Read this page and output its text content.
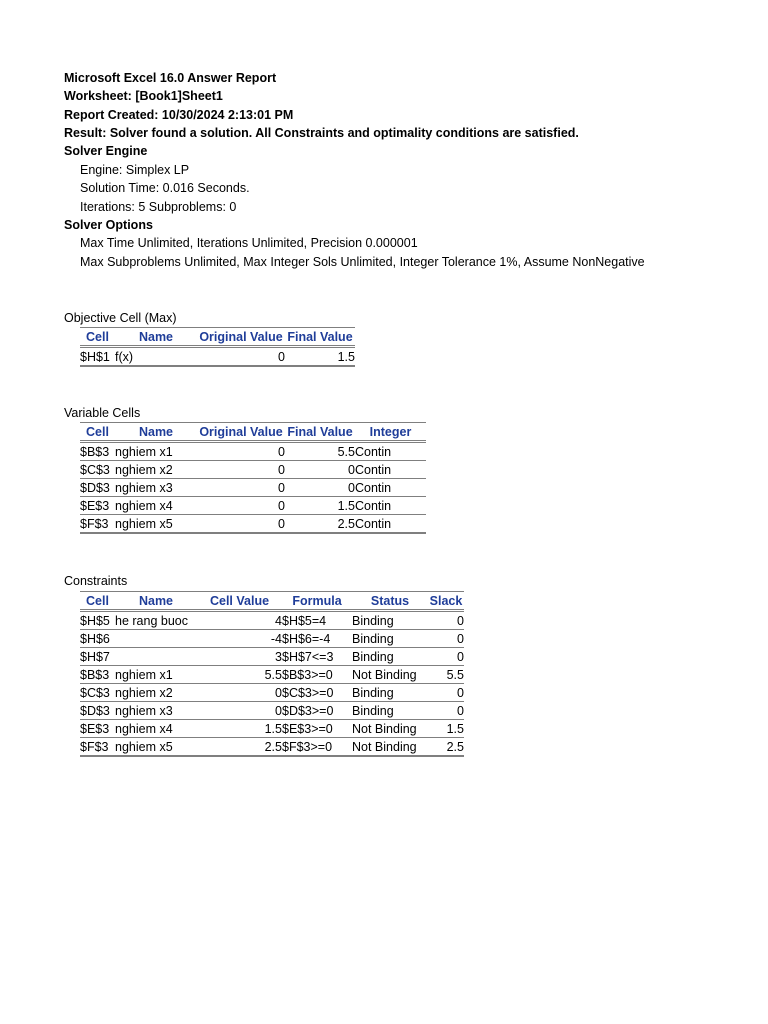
Microsoft Excel 16.0 Answer Report
Worksheet: [Book1]Sheet1
Report Created: 10/30/2024 2:13:01 PM
Result: Solver found a solution. All Constraints and optimality conditions are satisfied.
Solver Engine
Engine: Simplex LP
Solution Time: 0.016 Seconds.
Iterations: 5 Subproblems: 0
Solver Options
Max Time Unlimited, Iterations Unlimited, Precision 0.000001
Max Subproblems Unlimited, Max Integer Sols Unlimited, Integer Tolerance 1%, Assume NonNegative
Objective Cell (Max)
Cell	Name	Original Value	Final Value
$H$1	f(x)	0	1.5
Variable Cells
Cell	Name	Original Value	Final Value	Integer
$B$3	nghiem x1	0	5.5	Contin
$C$3	nghiem x2	0	0	Contin
$D$3	nghiem x3	0	0	Contin
$E$3	nghiem x4	0	1.5	Contin
$F$3	nghiem x5	0	2.5	Contin
Constraints
Cell	Name	Cell Value	Formula	Status	Slack
$H$5	he rang buoc	4	$H$5=4	Binding	0
$H$6		-4	$H$6=-4	Binding	0
$H$7		3	$H$7<=3	Binding	0
$B$3	nghiem x1	5.5	$B$3>=0	Not Binding	5.5
$C$3	nghiem x2	0	$C$3>=0	Binding	0
$D$3	nghiem x3	0	$D$3>=0	Binding	0
$E$3	nghiem x4	1.5	$E$3>=0	Not Binding	1.5
$F$3	nghiem x5	2.5	$F$3>=0	Not Binding	2.5
